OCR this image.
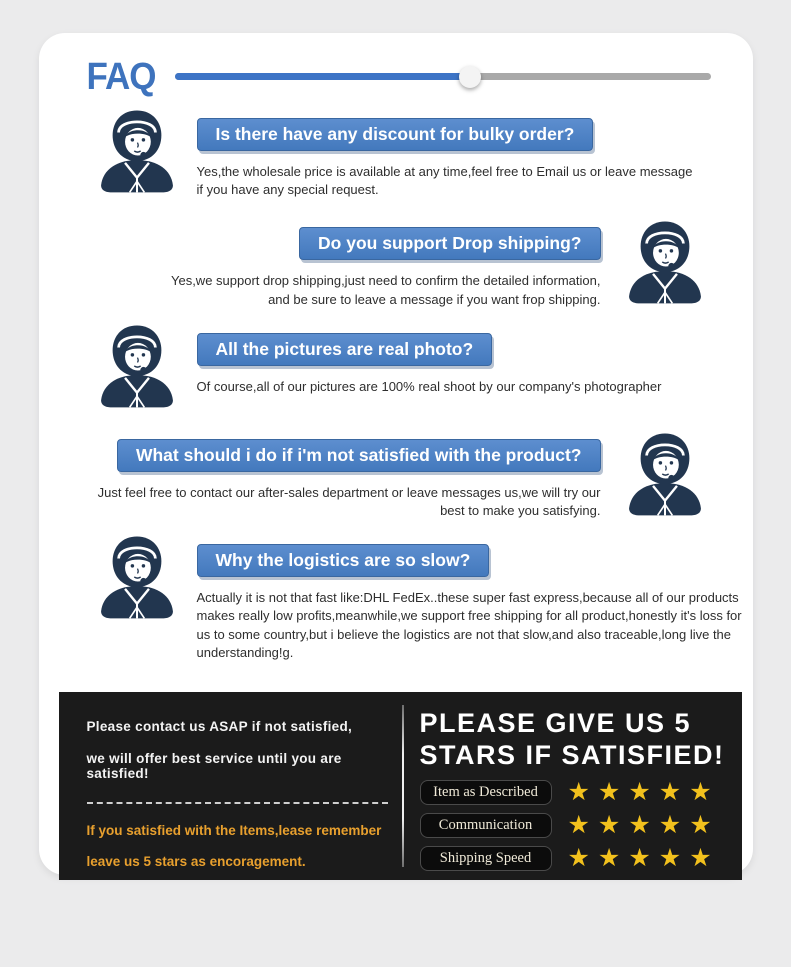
FAQ
Is there have any discount for bulky order?
Yes,the wholesale price is available at any time,feel free to Email us or leave message if you have any special request.
Do you support Drop shipping?
Yes,we support drop shipping,just need to confirm the detailed information, and be sure to leave a message if you want frop shipping.
All the pictures are real photo?
Of course,all of our pictures are 100% real shoot by our company's photographer
What should i do if i'm not satisfied with the product?
Just feel free to contact our after-sales department or leave messages us,we will try our best to make you satisfying.
Why the logistics are so slow?
Actually it is not that fast like:DHL FedEx..these super fast express,because all of our products makes really low profits,meanwhile,we support free shipping for all product,honestly it's loss for us to some country,but i believe the logistics are not that slow,and also traceable,long live the understanding!g.
Please contact us ASAP if not satisfied,
we will offer best service until you are satisfied!
If you satisfied with the Items,lease remember
leave us 5 stars as encoragement.
PLEASE GIVE US 5
STARS IF SATISFIED!
Item as Described	★★★★★
Communication	★★★★★
Shipping Speed	★★★★★
